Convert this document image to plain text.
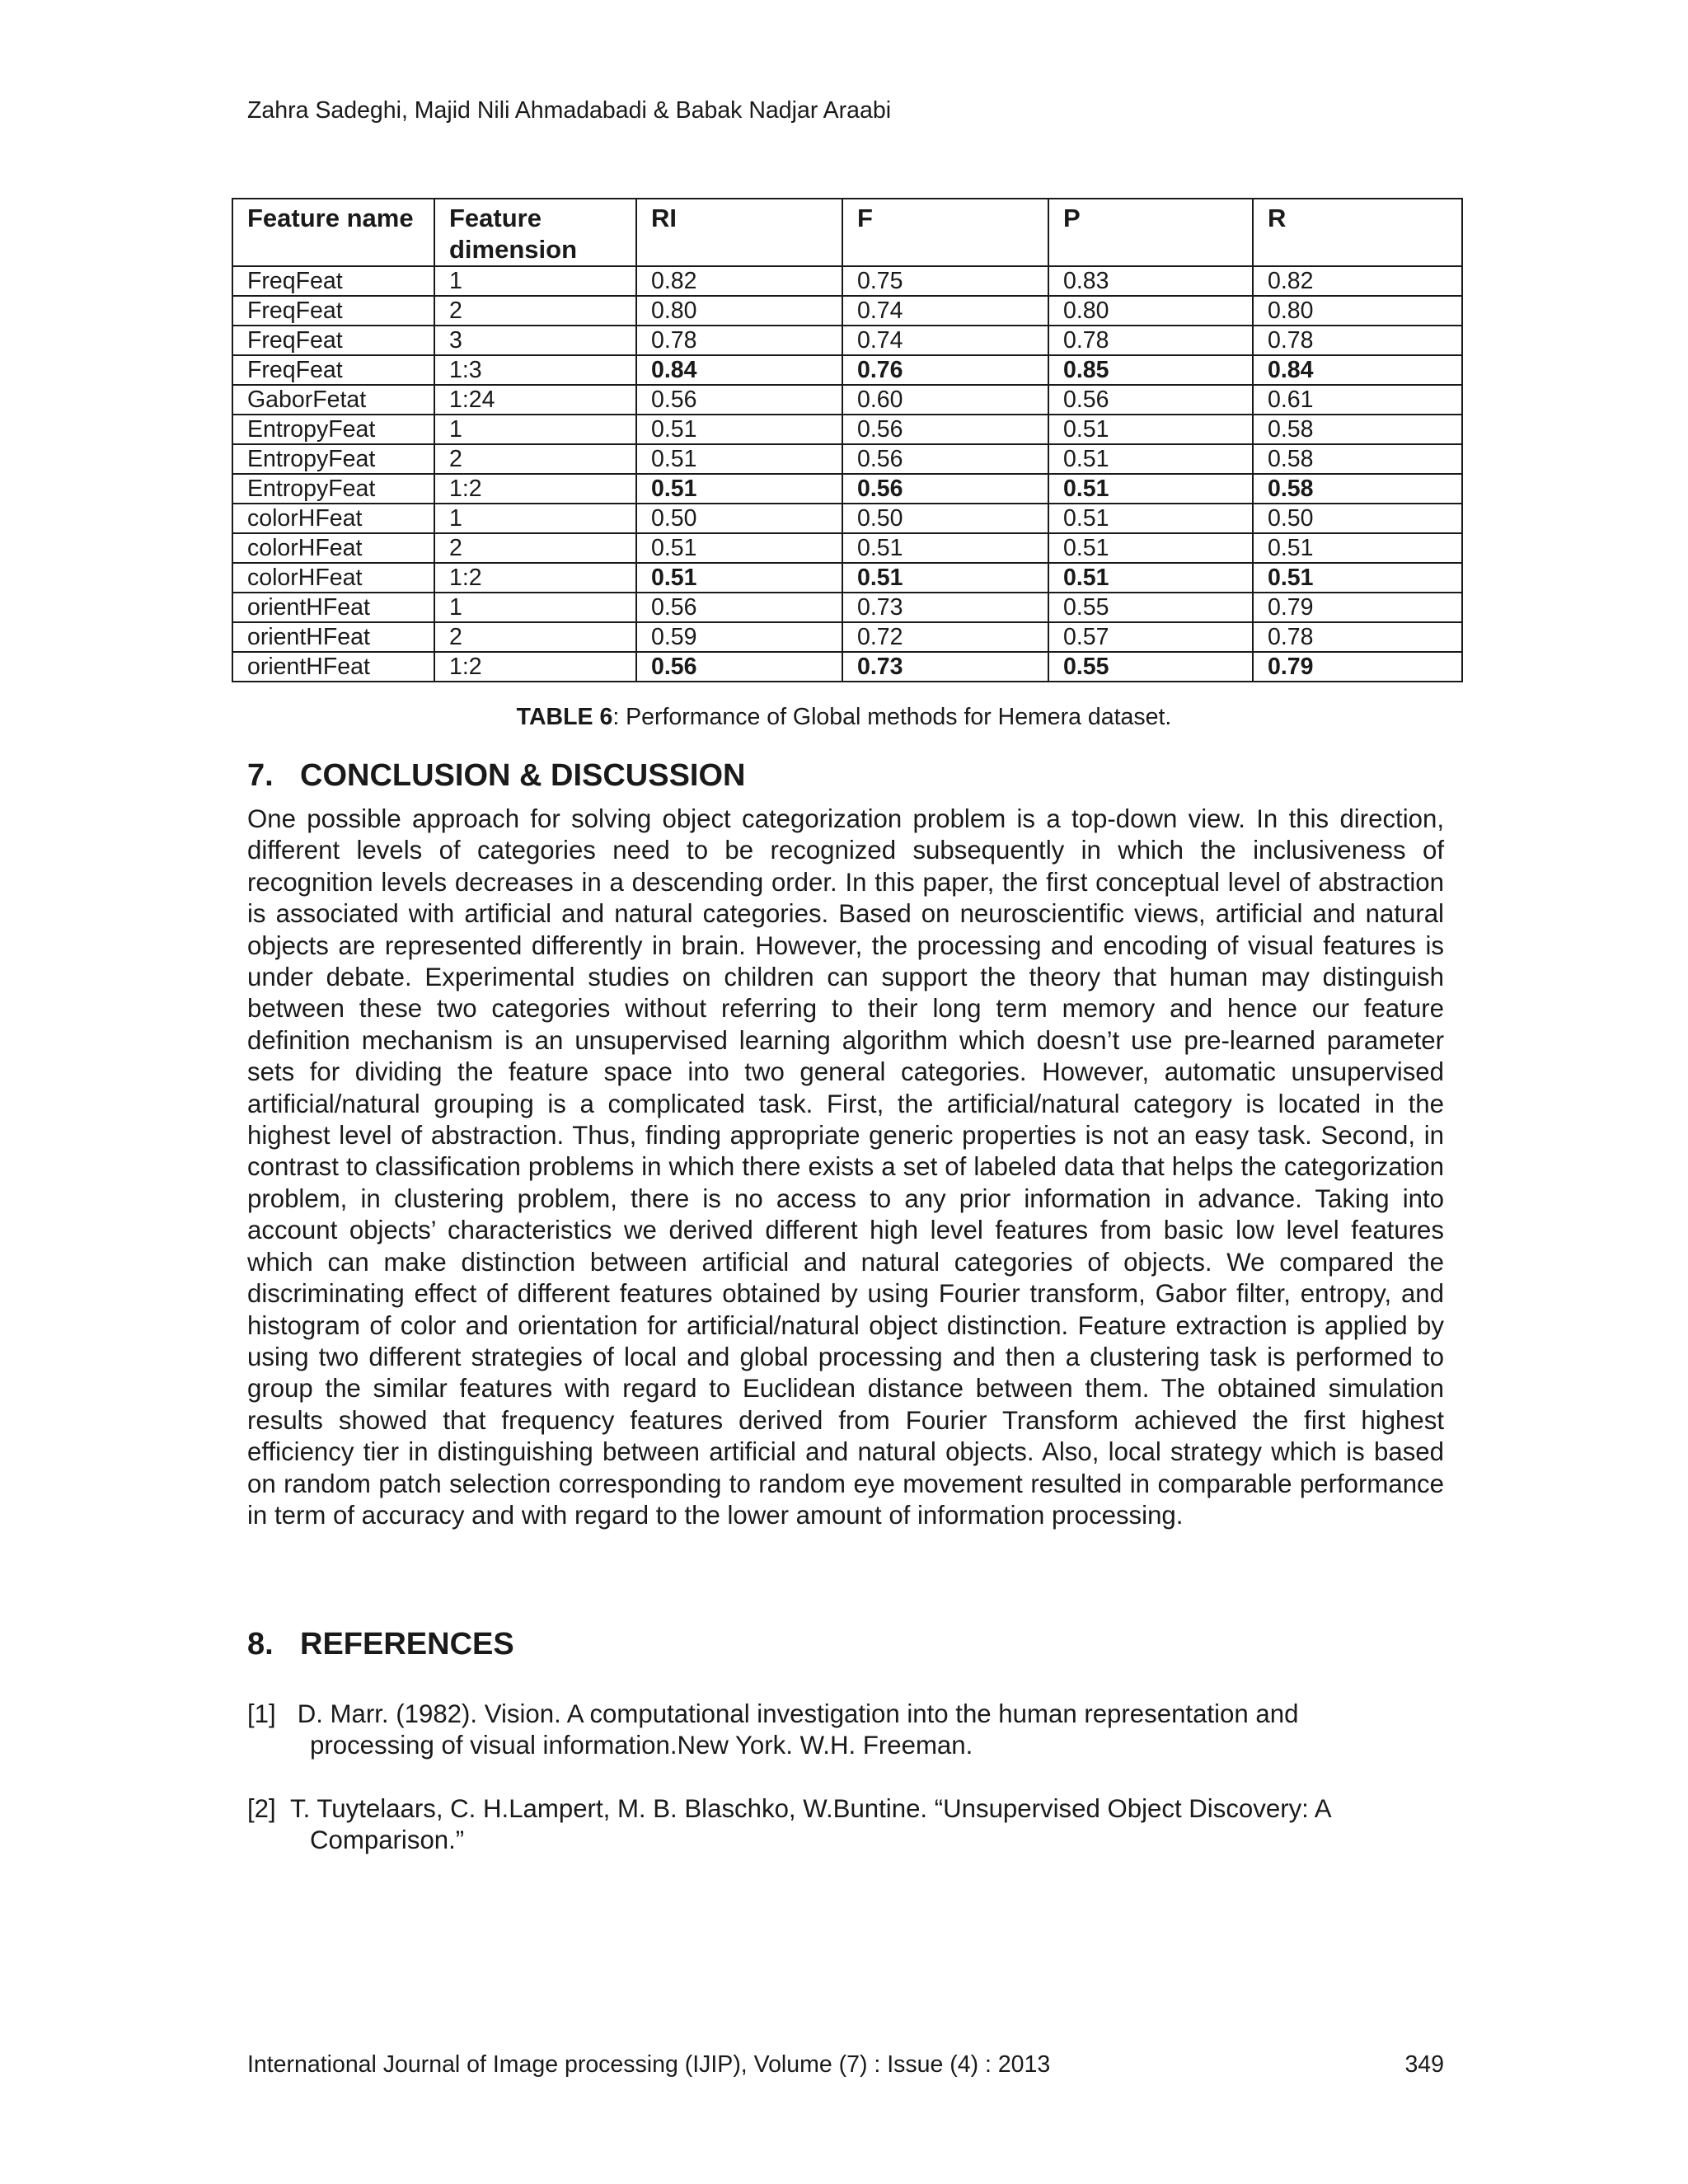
Zahra Sadeghi, Majid Nili Ahmadabadi & Babak Nadjar Araabi
Feature name	Feature dimension	RI	F	P	R
FreqFeat	1	0.82	0.75	0.83	0.82
FreqFeat	2	0.80	0.74	0.80	0.80
FreqFeat	3	0.78	0.74	0.78	0.78
FreqFeat	1:3	0.84	0.76	0.85	0.84
GaborFetat	1:24	0.56	0.60	0.56	0.61
EntropyFeat	1	0.51	0.56	0.51	0.58
EntropyFeat	2	0.51	0.56	0.51	0.58
EntropyFeat	1:2	0.51	0.56	0.51	0.58
colorHFeat	1	0.50	0.50	0.51	0.50
colorHFeat	2	0.51	0.51	0.51	0.51
colorHFeat	1:2	0.51	0.51	0.51	0.51
orientHFeat	1	0.56	0.73	0.55	0.79
orientHFeat	2	0.59	0.72	0.57	0.78
orientHFeat	1:2	0.56	0.73	0.55	0.79
TABLE 6: Performance of Global methods for Hemera dataset.
7. CONCLUSION & DISCUSSION

One possible approach for solving object categorization problem is a top-down view. In this direction, different levels of categories need to be recognized subsequently in which the inclusiveness of recognition levels decreases in a descending order. In this paper, the first conceptual level of abstraction is associated with artificial and natural categories. Based on neuroscientific views, artificial and natural objects are represented differently in brain. However, the processing and encoding of visual features is under debate. Experimental studies on children can support the theory that human may distinguish between these two categories without referring to their long term memory and hence our feature definition mechanism is an unsupervised learning algorithm which doesn’t use pre-learned parameter sets for dividing the feature space into two general categories. However, automatic unsupervised artificial/natural grouping is a complicated task. First, the artificial/natural category is located in the highest level of abstraction. Thus, finding appropriate generic properties is not an easy task. Second, in contrast to classification problems in which there exists a set of labeled data that helps the categorization problem, in clustering problem, there is no access to any prior information in advance. Taking into account objects’ characteristics we derived different high level features from basic low level features which can make distinction between artificial and natural categories of objects. We compared the discriminating effect of different features obtained by using Fourier transform, Gabor filter, entropy, and histogram of color and orientation for artificial/natural object distinction. Feature extraction is applied by using two different strategies of local and global processing and then a clustering task is performed to group the similar features with regard to Euclidean distance between them. The obtained simulation results showed that frequency features derived from Fourier Transform achieved the first highest efficiency tier in distinguishing between artificial and natural objects. Also, local strategy which is based on random patch selection corresponding to random eye movement resulted in comparable performance in term of accuracy and with regard to the lower amount of information processing.

8. REFERENCES
[1] D. Marr. (1982). Vision. A computational investigation into the human representation and
processing of visual information.New York. W.H. Freeman.
[2] T. Tuytelaars, C. H.Lampert, M. B. Blaschko, W.Buntine. “Unsupervised Object Discovery: A
Comparison.”
International Journal of Image processing (IJIP), Volume (7) : Issue (4) : 2013	349
